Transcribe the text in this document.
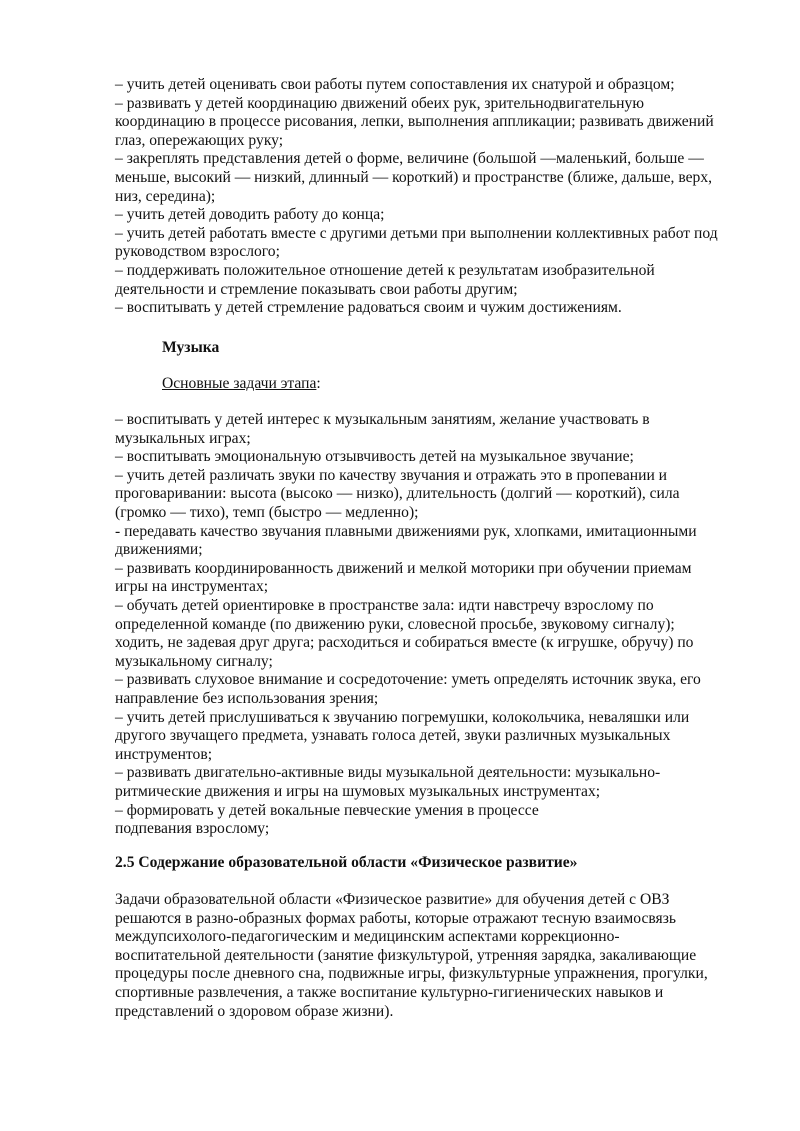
– учить детей оценивать свои работы путем сопоставления их снатурой и образцом;
– развивать у детей координацию движений обеих рук, зрительнодвигательную
координацию в процессе рисования, лепки, выполнения аппликации; развивать движений
глаз, опережающих руку;
– закреплять представления детей о форме, величине (большой —маленький, больше —
меньше, высокий — низкий, длинный — короткий) и пространстве (ближе, дальше, верх,
низ, середина);
– учить детей доводить работу до конца;
– учить детей работать вместе с другими детьми при выполнении коллективных работ под
руководством взрослого;
– поддерживать положительное отношение детей к результатам изобразительной
деятельности и стремление показывать свои работы другим;
– воспитывать у детей стремление радоваться своим и чужим достижениям.
Музыка
Основные задачи этапа:
– воспитывать у детей интерес к музыкальным занятиям, желание участвовать в
музыкальных играх;
– воспитывать эмоциональную отзывчивость детей на музыкальное звучание;
– учить детей различать звуки по качеству звучания и отражать это в пропевании и
проговаривании: высота (высоко — низко), длительность (долгий — короткий), сила
(громко — тихо), темп (быстро — медленно);
- передавать качество звучания плавными движениями рук, хлопками, имитационными
движениями;
– развивать координированность движений и мелкой моторики при обучении приемам
игры на инструментах;
– обучать детей ориентировке в пространстве зала: идти навстречу взрослому по
определенной команде (по движению руки, словесной просьбе, звуковому сигналу);
ходить, не задевая друг друга; расходиться и собираться вместе (к игрушке, обручу) по
музыкальному сигналу;
– развивать слуховое внимание и сосредоточение: уметь определять источник звука, его
направление без использования зрения;
– учить детей прислушиваться к звучанию погремушки, колокольчика, неваляшки или
другого звучащего предмета, узнавать голоса детей, звуки различных музыкальных
инструментов;
– развивать двигательно-активные виды музыкальной деятельности: музыкально-
ритмические движения и игры на шумовых музыкальных инструментах;
– формировать у детей вокальные певческие умения в процессе
подпевания взрослому;
2.5 Содержание образовательной области «Физическое развитие»
Задачи образовательной области «Физическое развитие» для обучения детей с ОВЗ
решаются в разно-образных формах работы, которые отражают тесную взаимосвязь
междупсихолого-педагогическим и медицинским аспектами коррекционно-
воспитательной деятельности (занятие физкультурой, утренняя зарядка, закаливающие
процедуры после дневного сна, подвижные игры, физкультурные упражнения, прогулки,
спортивные развлечения, а также воспитание культурно-гигиенических навыков и
представлений о здоровом образе жизни).
